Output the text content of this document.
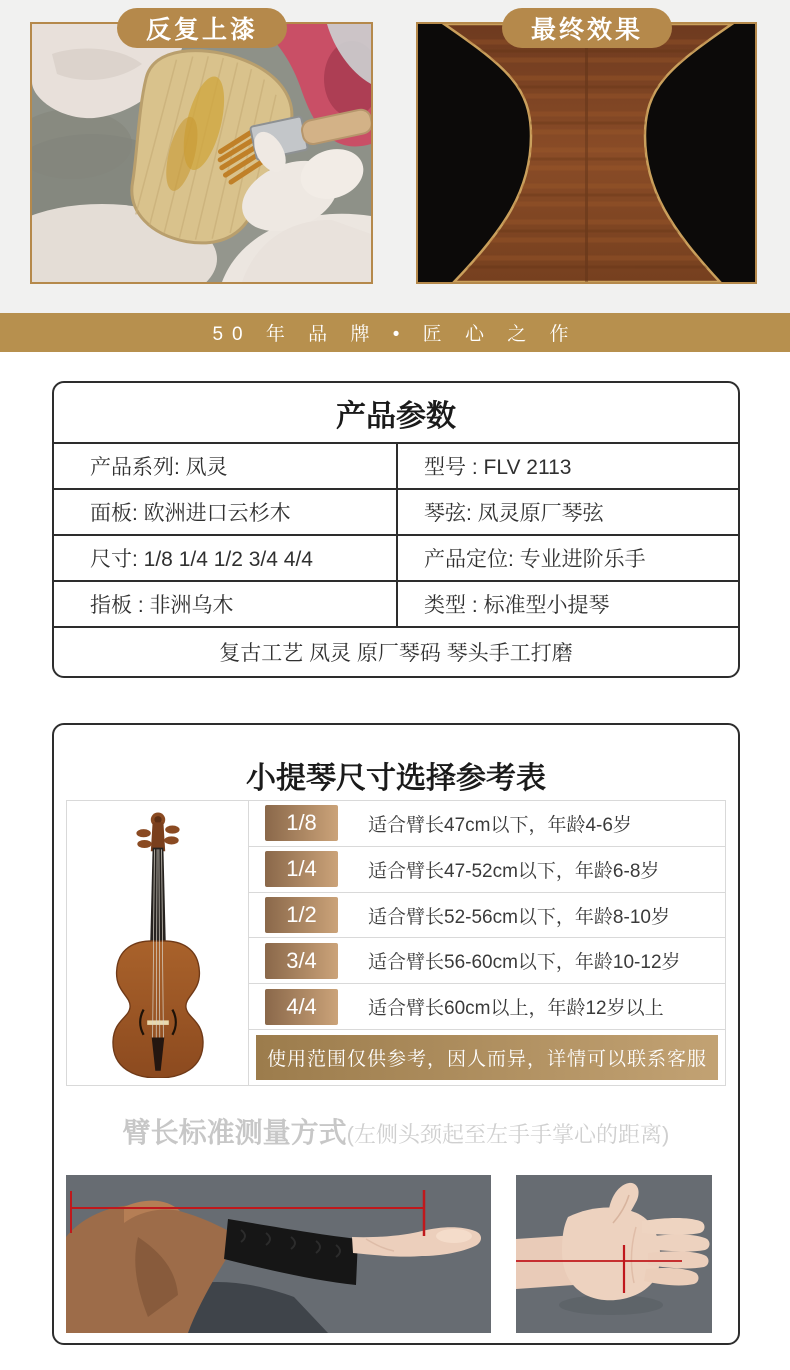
反复上漆	最终效果
50 年 品 牌 • 匠 心 之 作
产品参数
产品系列: 凤灵	型号 : FLV 2113
面板: 欧洲进口云杉木	琴弦: 凤灵原厂琴弦
尺寸: 1/8 1/4 1/2 3/4 4/4	产品定位: 专业进阶乐手
指板 : 非洲乌木	类型 : 标准型小提琴
复古工艺 凤灵 原厂琴码 琴头手工打磨
小提琴尺寸选择参考表
1/8	适合臂长47cm以下，年龄4-6岁
1/4	适合臂长47-52cm以下，年龄6-8岁
1/2	适合臂长52-56cm以下，年龄8-10岁
3/4	适合臂长56-60cm以下，年龄10-12岁
4/4	适合臂长60cm以上，年龄12岁以上
使用范围仅供参考，因人而异，详情可以联系客服
臂长标准测量方式(左侧头颈起至左手手掌心的距离)
